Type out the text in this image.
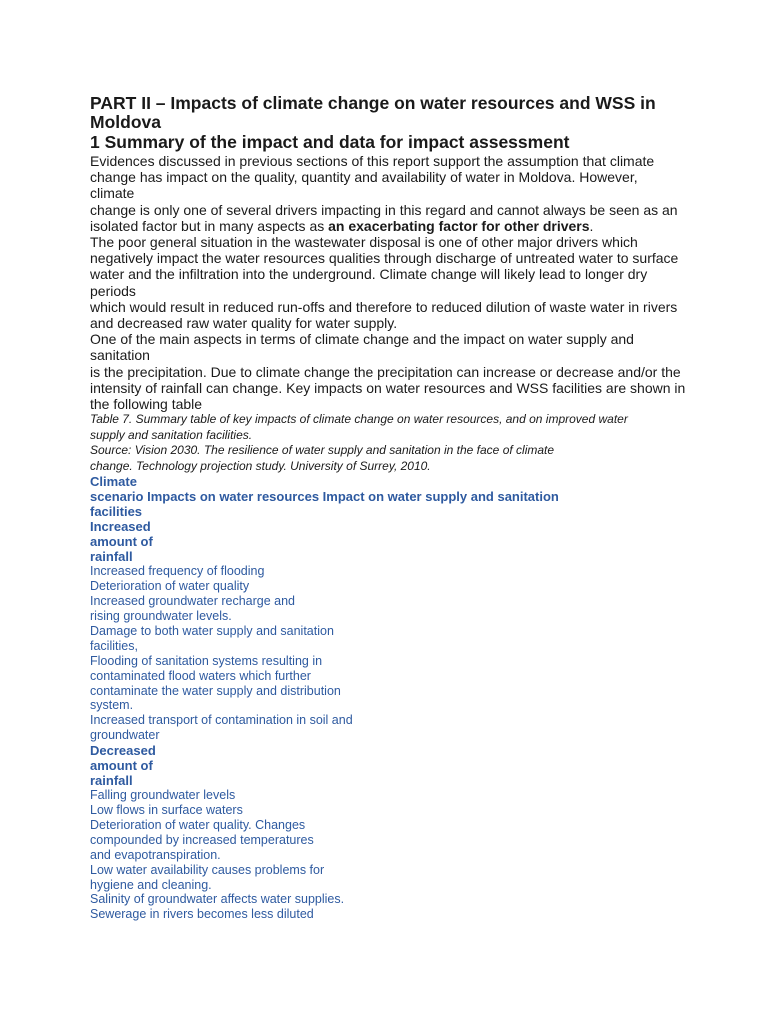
PART II – Impacts of climate change on water resources and WSS in

Moldova

1 Summary of the impact and data for impact assessment

Evidences discussed in previous sections of this report support the assumption that climate

change has impact on the quality, quantity and availability of water in Moldova. However,

climate

change is only one of several drivers impacting in this regard and cannot always be seen as an

isolated factor but in many aspects as an exacerbating factor for other drivers.

The poor general situation in the wastewater disposal is one of other major drivers which

negatively impact the water resources qualities through discharge of untreated water to surface

water and the infiltration into the underground. Climate change will likely lead to longer dry

periods

which would result in reduced run-offs and therefore to reduced dilution of waste water in rivers

and decreased raw water quality for water supply.

One of the main aspects in terms of climate change and the impact on water supply and

sanitation

is the precipitation. Due to climate change the precipitation can increase or decrease and/or the

intensity of rainfall can change. Key impacts on water resources and WSS facilities are shown in

the following table

Table 7. Summary table of key impacts of climate change on water resources, and on improved water

supply and sanitation facilities.

Source: Vision 2030. The resilience of water supply and sanitation in the face of climate

change. Technology projection study. University of Surrey, 2010.

Climate

scenario Impacts on water resources Impact on water supply and sanitation

facilities

Increased

amount of

rainfall

Increased frequency of flooding

Deterioration of water quality

Increased groundwater recharge and

rising groundwater levels.

Damage to both water supply and sanitation

facilities,

Flooding of sanitation systems resulting in

contaminated flood waters which further

contaminate the water supply and distribution

system.

Increased transport of contamination in soil and

groundwater

Decreased

amount of

rainfall

Falling groundwater levels

Low flows in surface waters

Deterioration of water quality. Changes

compounded by increased temperatures

and evapotranspiration.

Low water availability causes problems for

hygiene and cleaning.

Salinity of groundwater affects water supplies.

Sewerage in rivers becomes less diluted
